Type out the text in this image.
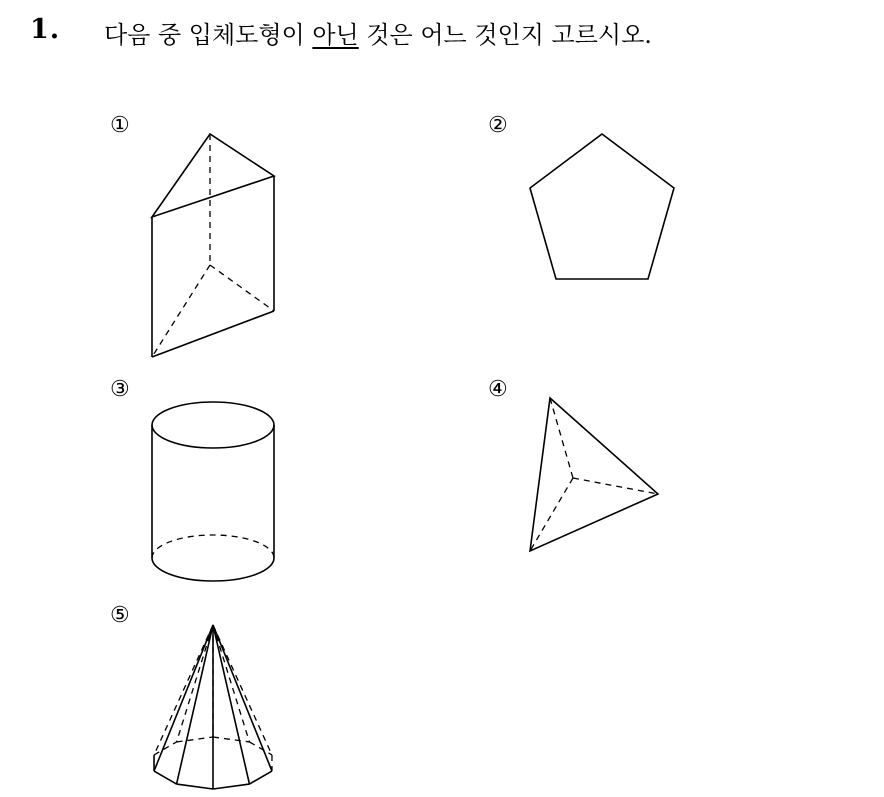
1. 다음 중 입체도형이 아닌 것은 어느 것인지 고르시오.
①	②
③	④
⑤
